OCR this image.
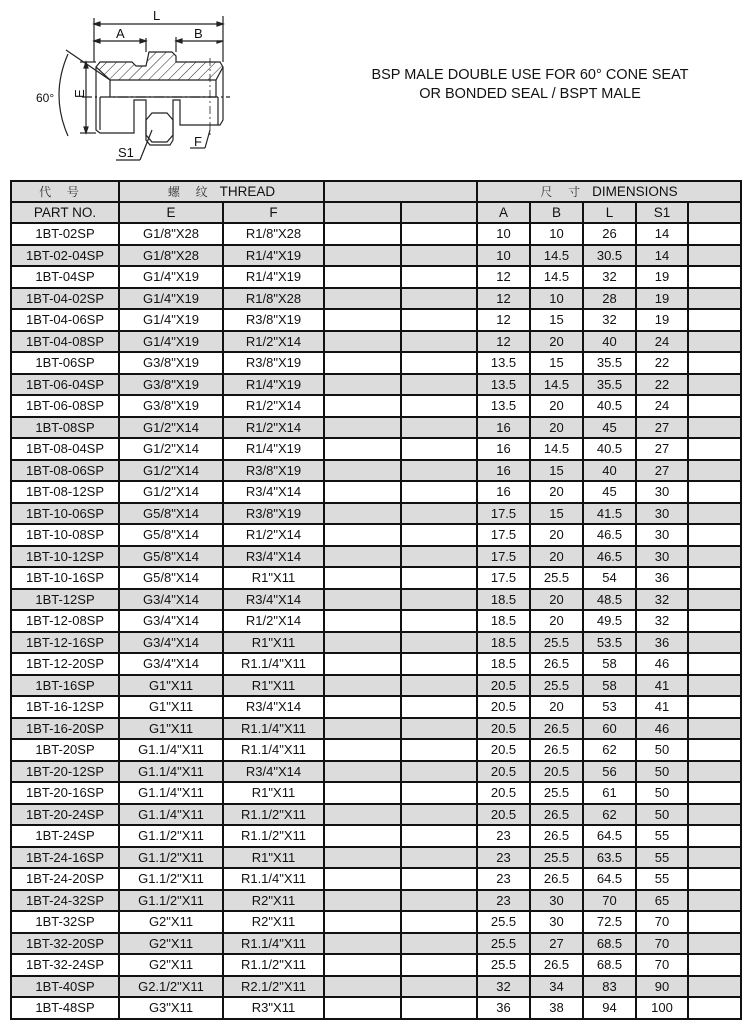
L
A	B
F
S1
60° E
BSP MALE DOUBLE USE FOR 60° CONE SEAT
OR BONDED SEAL / BSPT MALE
代 号	螺 纹 THREAD				尺 寸 DIMENSIONS				
PART NO.	E	F			A	B	L	S1	
1BT-02SP	G1/8"X28	R1/8"X28			10	10	26	14	
1BT-02-04SP	G1/8"X28	R1/4"X19			10	14.5	30.5	14	
1BT-04SP	G1/4"X19	R1/4"X19			12	14.5	32	19	
1BT-04-02SP	G1/4"X19	R1/8"X28			12	10	28	19	
1BT-04-06SP	G1/4"X19	R3/8"X19			12	15	32	19	
1BT-04-08SP	G1/4"X19	R1/2"X14			12	20	40	24	
1BT-06SP	G3/8"X19	R3/8"X19			13.5	15	35.5	22	
1BT-06-04SP	G3/8"X19	R1/4"X19			13.5	14.5	35.5	22	
1BT-06-08SP	G3/8"X19	R1/2"X14			13.5	20	40.5	24	
1BT-08SP	G1/2"X14	R1/2"X14			16	20	45	27	
1BT-08-04SP	G1/2"X14	R1/4"X19			16	14.5	40.5	27	
1BT-08-06SP	G1/2"X14	R3/8"X19			16	15	40	27	
1BT-08-12SP	G1/2"X14	R3/4"X14			16	20	45	30	
1BT-10-06SP	G5/8"X14	R3/8"X19			17.5	15	41.5	30	
1BT-10-08SP	G5/8"X14	R1/2"X14			17.5	20	46.5	30	
1BT-10-12SP	G5/8"X14	R3/4"X14			17.5	20	46.5	30	
1BT-10-16SP	G5/8"X14	R1"X11			17.5	25.5	54	36	
1BT-12SP	G3/4"X14	R3/4"X14			18.5	20	48.5	32	
1BT-12-08SP	G3/4"X14	R1/2"X14			18.5	20	49.5	32	
1BT-12-16SP	G3/4"X14	R1"X11			18.5	25.5	53.5	36	
1BT-12-20SP	G3/4"X14	R1.1/4"X11			18.5	26.5	58	46	
1BT-16SP	G1"X11	R1"X11			20.5	25.5	58	41	
1BT-16-12SP	G1"X11	R3/4"X14			20.5	20	53	41	
1BT-16-20SP	G1"X11	R1.1/4"X11			20.5	26.5	60	46	
1BT-20SP	G1.1/4"X11	R1.1/4"X11			20.5	26.5	62	50	
1BT-20-12SP	G1.1/4"X11	R3/4"X14			20.5	20.5	56	50	
1BT-20-16SP	G1.1/4"X11	R1"X11			20.5	25.5	61	50	
1BT-20-24SP	G1.1/4"X11	R1.1/2"X11			20.5	26.5	62	50	
1BT-24SP	G1.1/2"X11	R1.1/2"X11			23	26.5	64.5	55	
1BT-24-16SP	G1.1/2"X11	R1"X11			23	25.5	63.5	55	
1BT-24-20SP	G1.1/2"X11	R1.1/4"X11			23	26.5	64.5	55	
1BT-24-32SP	G1.1/2"X11	R2"X11			23	30	70	65	
1BT-32SP	G2"X11	R2"X11			25.5	30	72.5	70	
1BT-32-20SP	G2"X11	R1.1/4"X11			25.5	27	68.5	70	
1BT-32-24SP	G2"X11	R1.1/2"X11			25.5	26.5	68.5	70	
1BT-40SP	G2.1/2"X11	R2.1/2"X11			32	34	83	90	
1BT-48SP	G3"X11	R3"X11			36	38	94	100	
